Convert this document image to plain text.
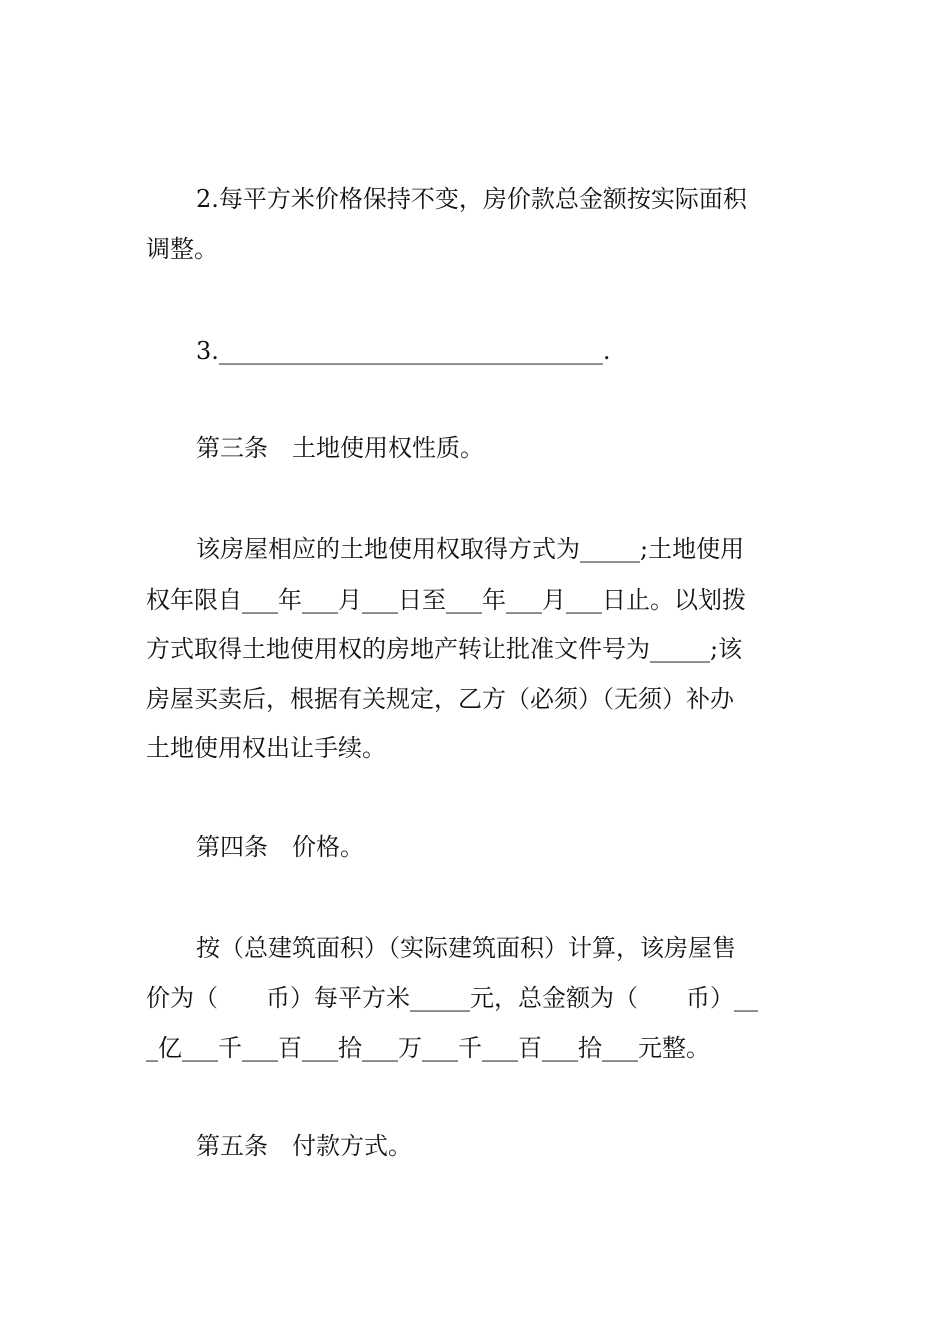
2.每平方米价格保持不变，房价款总金额按实际面积

调整。

3.________________________________.

第三条　土地使用权性质。

该房屋相应的土地使用权取得方式为_____;土地使用

权年限自___年___月___日至___年___月___日止。以划拨

方式取得土地使用权的房地产转让批准文件号为_____;该

房屋买卖后，根据有关规定，乙方（必须）（无须）补办

土地使用权出让手续。

第四条　价格。

按（总建筑面积）（实际建筑面积）计算，该房屋售

价为（　　币）每平方米_____元，总金额为（　　币）__

_亿___千___百___拾___万___千___百___拾___元整。

第五条　付款方式。
